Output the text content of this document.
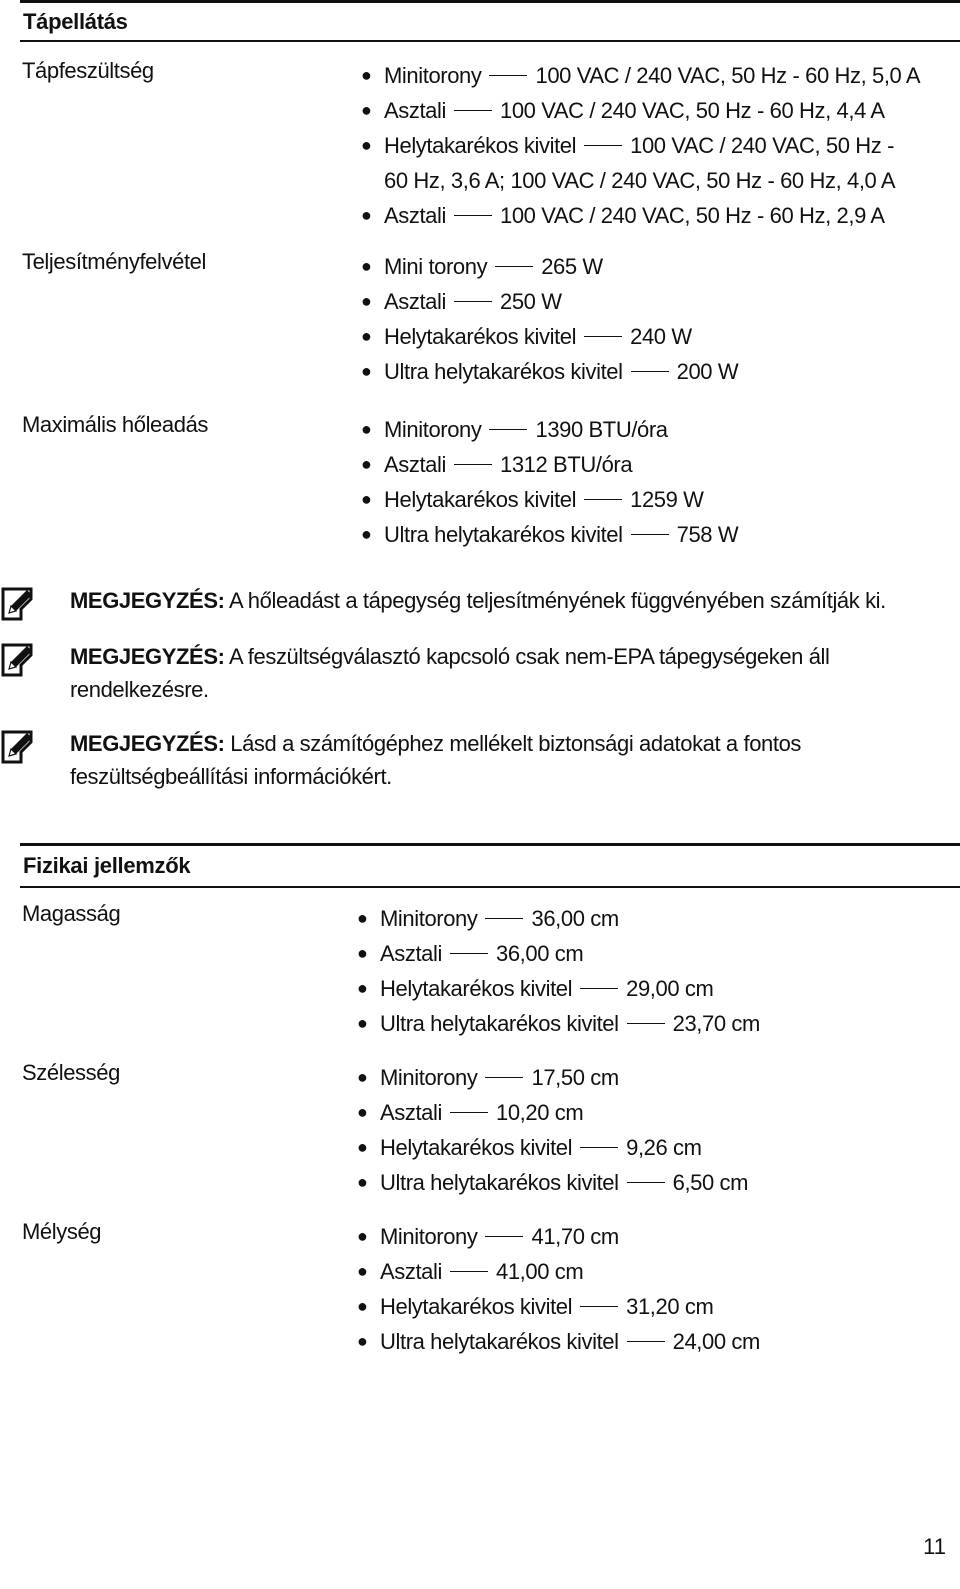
Tápellátás
Tápfeszültség	● Minitorony 100 VAC / 240 VAC, 50 Hz - 60 Hz, 5,0 A
● Asztali 100 VAC / 240 VAC, 50 Hz - 60 Hz, 4,4 A
● Helytakarékos kivitel 100 VAC / 240 VAC, 50 Hz -
60 Hz, 3,6 A; 100 VAC / 240 VAC, 50 Hz - 60 Hz, 4,0 A
● Asztali 100 VAC / 240 VAC, 50 Hz - 60 Hz, 2,9 A
Teljesítményfelvétel	● Mini torony 265 W
● Asztali 250 W
● Helytakarékos kivitel 240 W
● Ultra helytakarékos kivitel 200 W
Maximális hőleadás	● Minitorony 1390 BTU/óra
● Asztali 1312 BTU/óra
● Helytakarékos kivitel 1259 W
● Ultra helytakarékos kivitel 758 W
MEGJEGYZÉS: A hőleadást a tápegység teljesítményének függvényében számítják ki.
MEGJEGYZÉS: A feszültségválasztó kapcsoló csak nem-EPA tápegységeken áll
rendelkezésre.
MEGJEGYZÉS: Lásd a számítógéphez mellékelt biztonsági adatokat a fontos
feszültségbeállítási információkért.
Fizikai jellemzők
Magasság	● Minitorony 36,00 cm
● Asztali 36,00 cm
● Helytakarékos kivitel 29,00 cm
● Ultra helytakarékos kivitel 23,70 cm
Szélesség	● Minitorony 17,50 cm
● Asztali 10,20 cm
● Helytakarékos kivitel 9,26 cm
● Ultra helytakarékos kivitel 6,50 cm
Mélység	● Minitorony 41,70 cm
● Asztali 41,00 cm
● Helytakarékos kivitel 31,20 cm
● Ultra helytakarékos kivitel 24,00 cm
11
